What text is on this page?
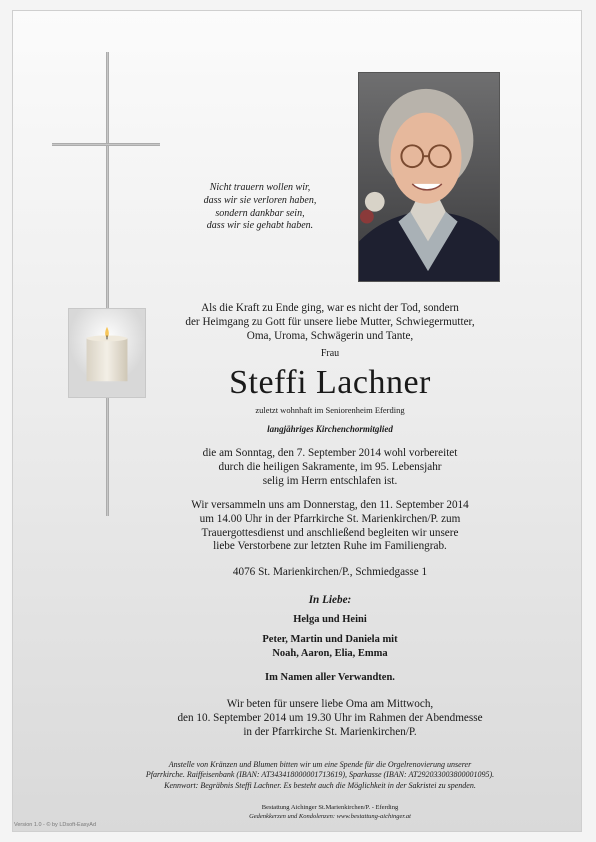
Nicht trauern wollen wir,
dass wir sie verloren haben,
sondern dankbar sein,
dass wir sie gehabt haben.
Als die Kraft zu Ende ging, war es nicht der Tod, sondern
der Heimgang zu Gott für unsere liebe Mutter, Schwiegermutter,
Oma, Uroma, Schwägerin und Tante,
Frau
Steffi Lachner
zuletzt wohnhaft im Seniorenheim Eferding
langjähriges Kirchenchormitglied
die am Sonntag, den 7. September 2014 wohl vorbereitet
durch die heiligen Sakramente, im 95. Lebensjahr
selig im Herrn entschlafen ist.
Wir versammeln uns am Donnerstag, den 11. September 2014
um 14.00 Uhr in der Pfarrkirche St. Marienkirchen/P. zum
Trauergottesdienst und anschließend begleiten wir unsere
liebe Verstorbene zur letzten Ruhe im Familiengrab.
4076 St. Marienkirchen/P., Schmiedgasse 1
In Liebe:
Helga und Heini
Peter, Martin und Daniela mit
Noah, Aaron, Elia, Emma
Im Namen aller Verwandten.
Wir beten für unsere liebe Oma am Mittwoch,
den 10. September 2014 um 19.30 Uhr im Rahmen der Abendmesse
in der Pfarrkirche St. Marienkirchen/P.
Anstelle von Kränzen und Blumen bitten wir um eine Spende für die Orgelrenovierung unserer
Pfarrkirche. Raiffeisenbank (IBAN: AT343418000001713619), Sparkasse (IBAN: AT292033003800001095).
Kennwort: Begräbnis Steffi Lachner. Es besteht auch die Möglichkeit in der Sakristei zu spenden.
Bestattung Aichinger St.Marienkirchen/P. - Eferding
Gedenkkerzen und Kondolenzen: www.bestattung-aichinger.at
Version 1.0 - © by LDsoft-EasyAd
